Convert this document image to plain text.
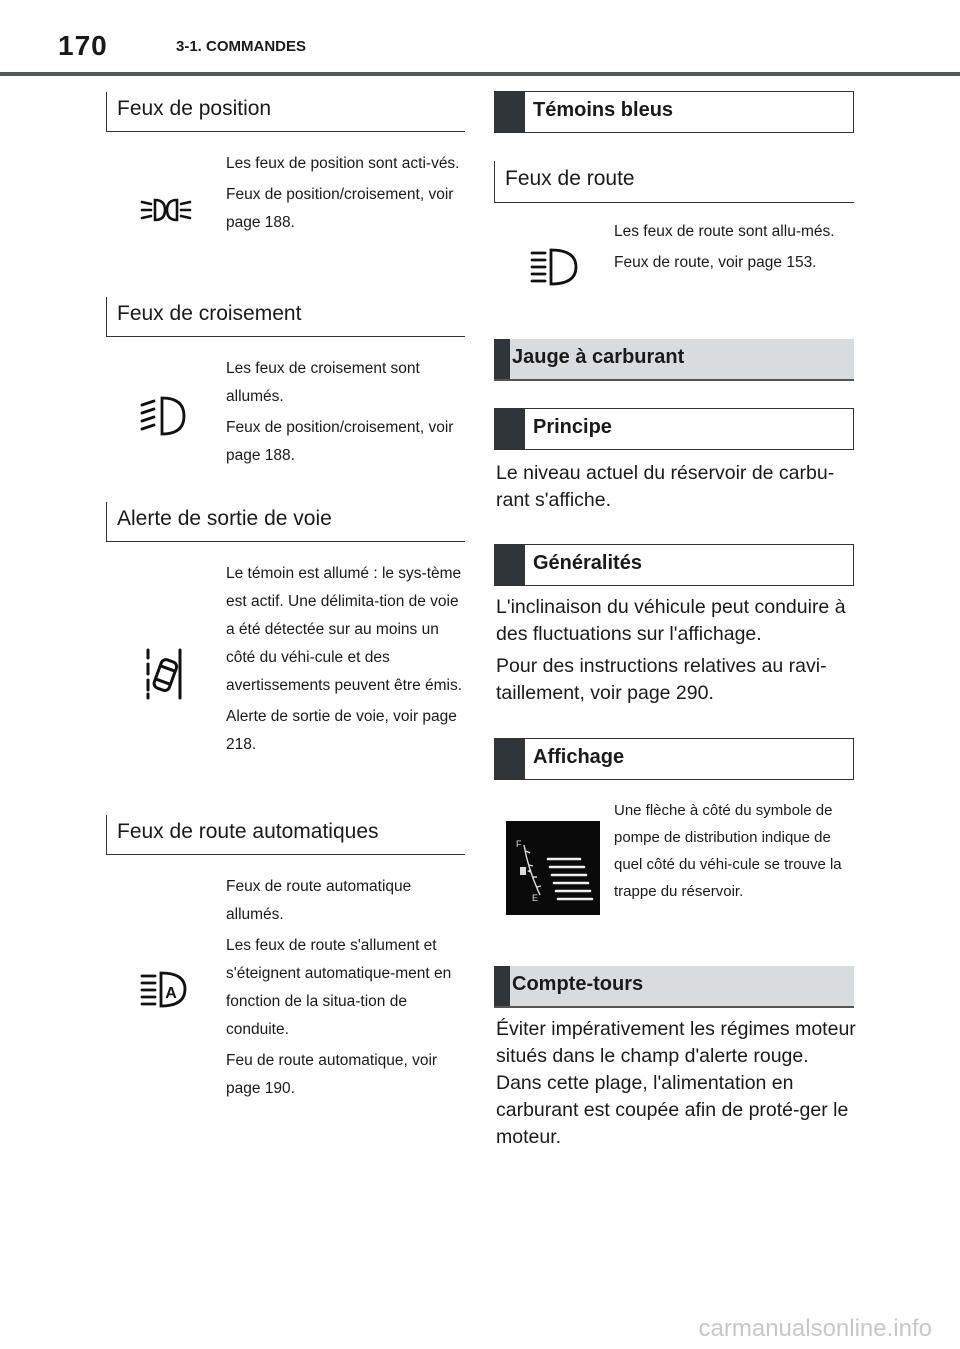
170	3-1. COMMANDES
Feux de position

Les feux de position sont acti-vés.

Feux de position/croisement, voir page 188.

Feux de croisement

Les feux de croisement sont allumés.

Feux de position/croisement, voir page 188.

Alerte de sortie de voie

Le témoin est allumé : le sys-tème est actif. Une délimita-tion de voie a été détectée sur au moins un côté du véhi-cule et des avertissements peuvent être émis.

Alerte de sortie de voie, voir page 218.

Feux de route automatiques
A

Feux de route automatique allumés.

Les feux de route s'allument et s'éteignent automatique-ment en fonction de la situa-tion de conduite.

Feu de route automatique, voir page 190.

Témoins bleus
Feux de route

Les feux de route sont allu-més.

Feux de route, voir page 153.

Jauge à carburant
Principe

Le niveau actuel du réservoir de carbu-rant s'affiche.

Généralités

L'inclinaison du véhicule peut conduire à des fluctuations sur l'affichage.

Pour des instructions relatives au ravi-taillement, voir page 290.

Affichage
F
E

Une flèche à côté du symbole de pompe de distribution indique de quel côté du véhi-cule se trouve la trappe du réservoir.

Compte-tours

Éviter impérativement les régimes moteur situés dans le champ d'alerte rouge. Dans cette plage, l'alimentation en carburant est coupée afin de proté-ger le moteur.

carmanualsonline.info
